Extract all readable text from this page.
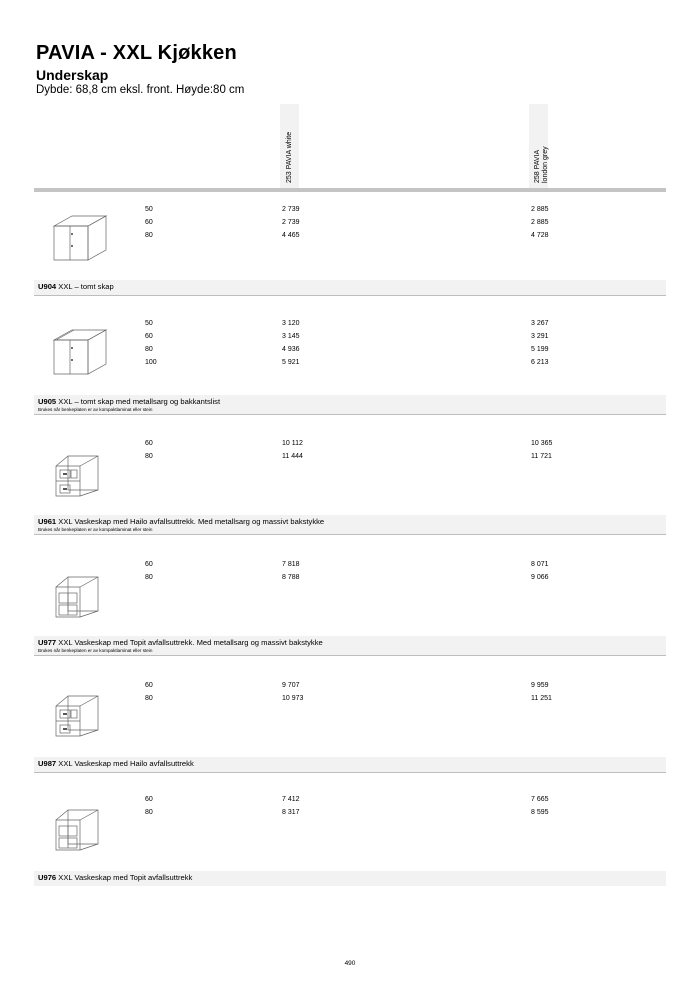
PAVIA - XXL Kjøkken
Underskap
Dybde: 68,8 cm eksl. front. Høyde:80 cm
253 PAVIA white	258 PAVIA london grey
50	2 739	2 885
60	2 739	2 885
80	4 465	4 728
U904 XXL – tomt skap
50	3 120	3 267
60	3 145	3 291
80	4 936	5 199
100	5 921	6 213
U905 XXL – tomt skap med metallsarg og bakkantslist
Brukes når benkeplaten er av kompaktlaminat eller stein
60	10 112	10 365
80	11 444	11 721
U961 XXL Vaskeskap med Hailo avfallsuttrekk. Med metallsarg og massivt bakstykke
Brukes når benkeplaten er av kompaktlaminat eller stein
60	7 818	8 071
80	8 788	9 066
U977 XXL Vaskeskap med Topit avfallsuttrekk. Med metallsarg og massivt bakstykke
Brukes når benkeplaten er av kompaktlaminat eller stein
60	9 707	9 959
80	10 973	11 251
U987 XXL Vaskeskap med Hailo avfallsuttrekk
60	7 412	7 665
80	8 317	8 595
U976 XXL Vaskeskap med Topit avfallsuttrekk
490
